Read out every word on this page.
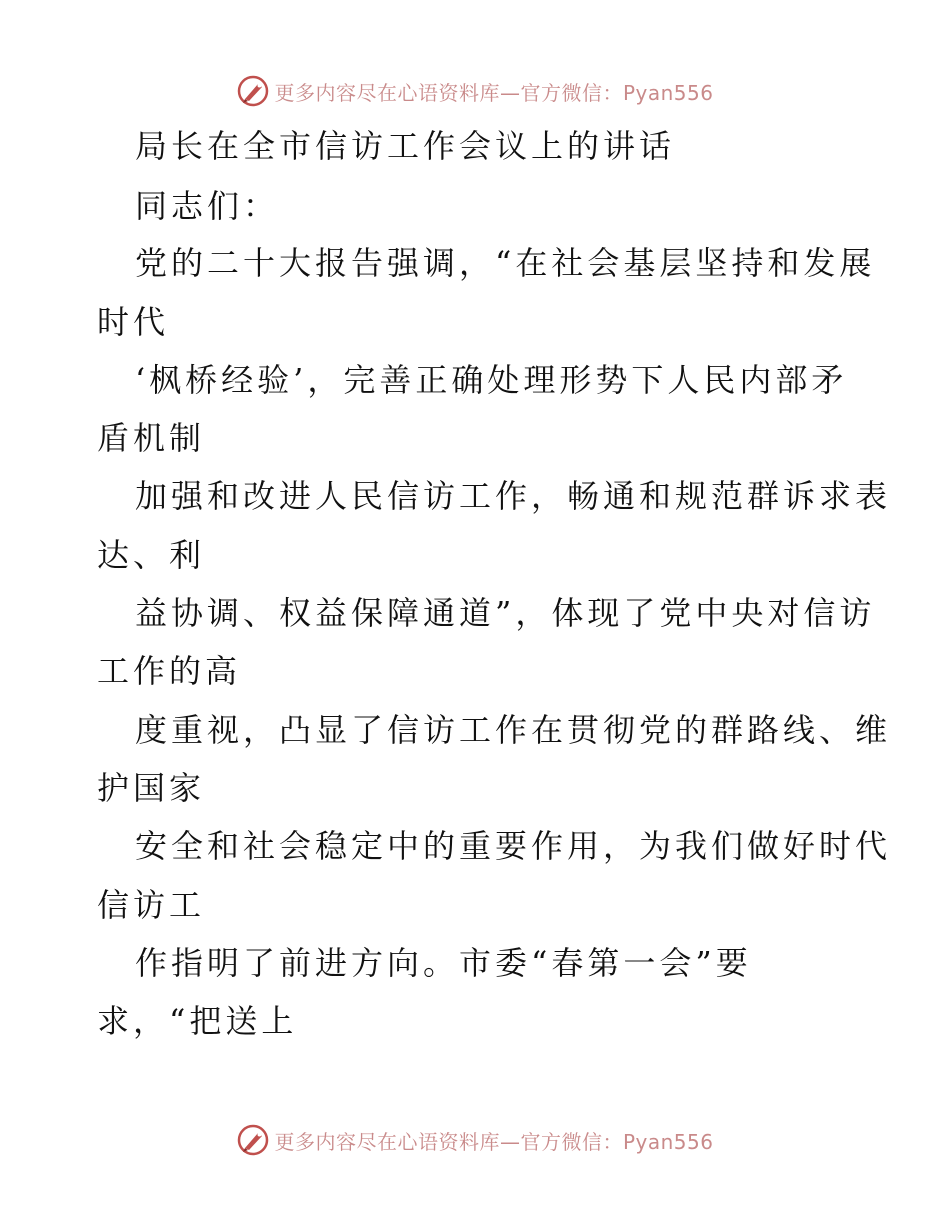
更多内容尽在心语资料库—官方微信：Pyan556
局长在全市信访工作会议上的讲话
同志们：
党的二十大报告强调，“在社会基层坚持和发展
时代
‘枫桥经验’，完善正确处理形势下人民内部矛
盾机制
加强和改进人民信访工作，畅通和规范群诉求表
达、利
益协调、权益保障通道”，体现了党中央对信访
工作的高
度重视，凸显了信访工作在贯彻党的群路线、维
护国家
安全和社会稳定中的重要作用，为我们做好时代
信访工
作指明了前进方向。市委“春第一会”要
求，“把送上
更多内容尽在心语资料库—官方微信：Pyan556
